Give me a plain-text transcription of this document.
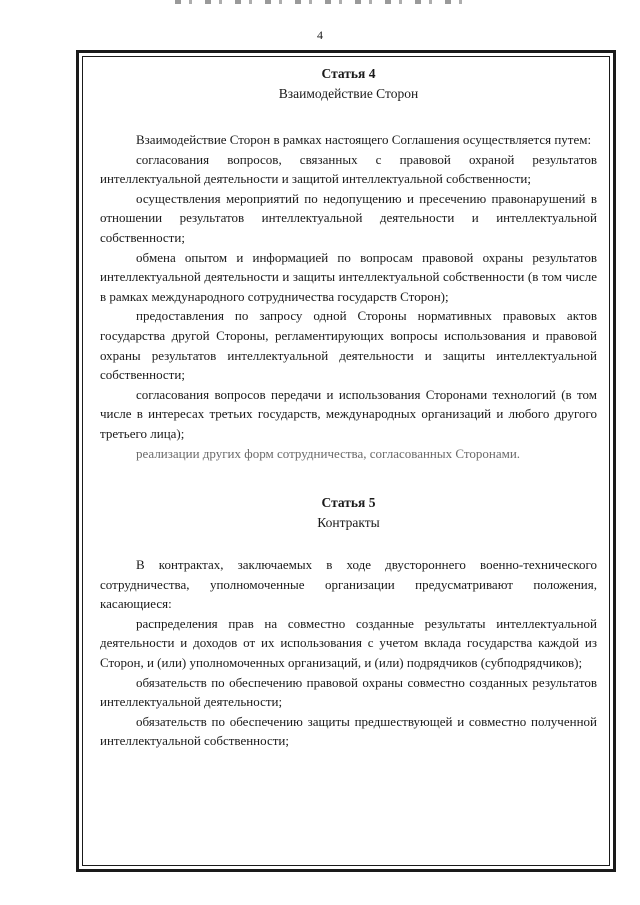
4
Статья 4
Взаимодействие Сторон

Взаимодействие Сторон в рамках настоящего Соглашения осуществляется путем:

согласования вопросов, связанных с правовой охраной результатов интеллектуальной деятельности и защитой интеллектуальной собственности;

осуществления мероприятий по недопущению и пресечению правонарушений в отношении результатов интеллектуальной деятельности и интеллектуальной собственности;

обмена опытом и информацией по вопросам правовой охраны результатов интеллектуальной деятельности и защиты интеллектуальной собственности (в том числе в рамках международного сотрудничества государств Сторон);

предоставления по запросу одной Стороны нормативных правовых актов государства другой Стороны, регламентирующих вопросы использования и правовой охраны результатов интеллектуальной деятельности и защиты интеллектуальной собственности;

согласования вопросов передачи и использования Сторонами технологий (в том числе в интересах третьих государств, международных организаций и любого другого третьего лица);

реализации других форм сотрудничества, согласованных Сторонами.

Статья 5
Контракты

В контрактах, заключаемых в ходе двустороннего военно-технического сотрудничества, уполномоченные организации предусматривают положения, касающиеся:

распределения прав на совместно созданные результаты интеллектуальной деятельности и доходов от их использования с учетом вклада государства каждой из Сторон, и (или) уполномоченных организаций, и (или) подрядчиков (субподрядчиков);

обязательств по обеспечению правовой охраны совместно созданных результатов интеллектуальной деятельности;

обязательств по обеспечению защиты предшествующей и совместно полученной интеллектуальной собственности;
